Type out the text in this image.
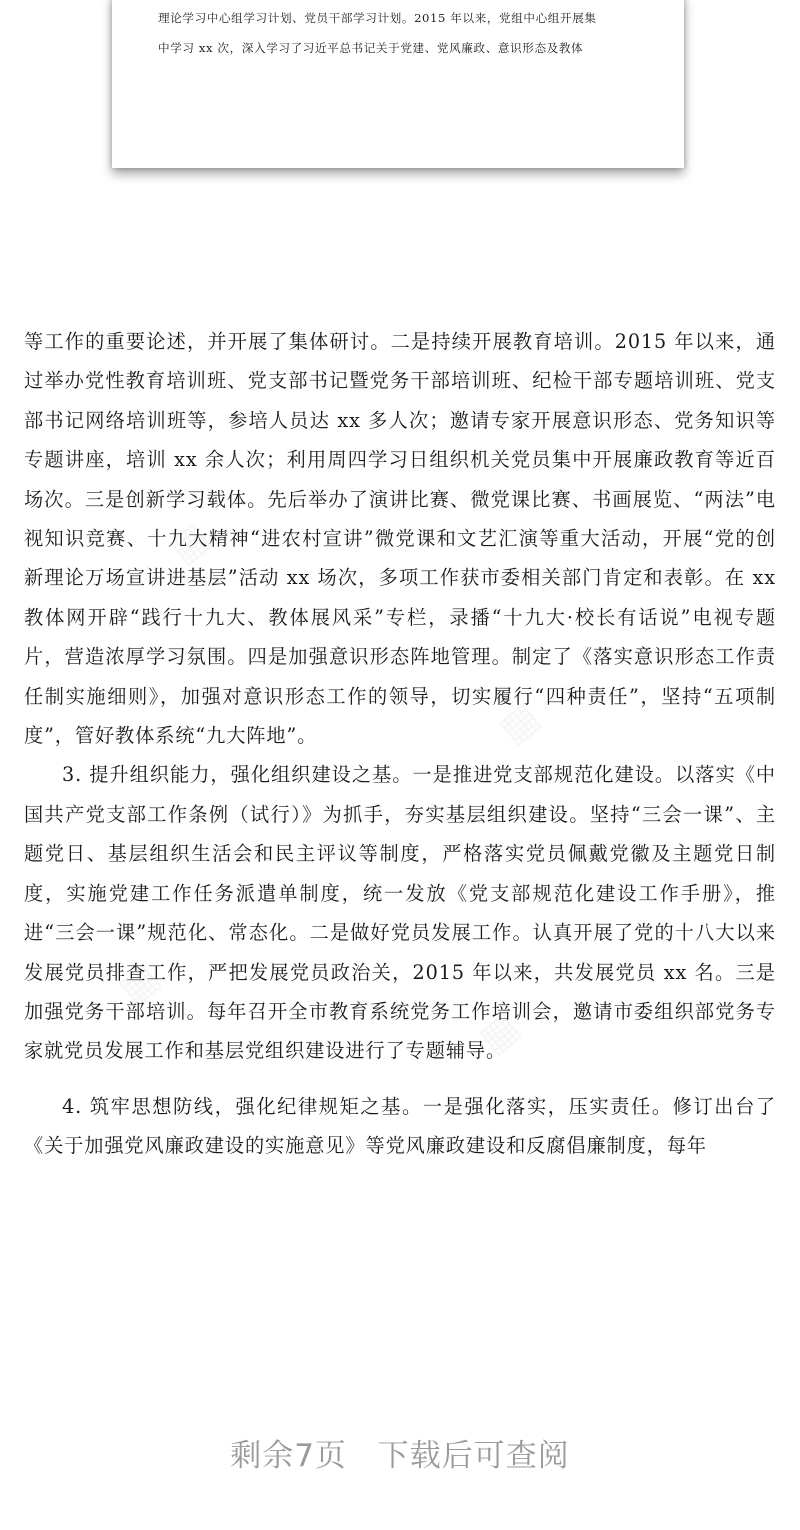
理论学习中心组学习计划、党员干部学习计划。2015 年以来，党组中心组开展集
中学习 xx 次，深入学习了习近平总书记关于党建、党风廉政、意识形态及教体

等工作的重要论述，并开展了集体研讨。二是持续开展教育培训。2015 年以来，通过举办党性教育培训班、党支部书记暨党务干部培训班、纪检干部专题培训班、党支部书记网络培训班等，参培人员达 xx 多人次；邀请专家开展意识形态、党务知识等专题讲座，培训 xx 余人次；利用周四学习日组织机关党员集中开展廉政教育等近百场次。三是创新学习载体。先后举办了演讲比赛、微党课比赛、书画展览、“两法”电视知识竞赛、十九大精神“进农村宣讲”微党课和文艺汇演等重大活动，开展“党的创新理论万场宣讲进基层”活动 xx 场次，多项工作获市委相关部门肯定和表彰。在 xx 教体网开辟“践行十九大、教体展风采”专栏，录播“十九大·校长有话说”电视专题片，营造浓厚学习氛围。四是加强意识形态阵地管理。制定了《落实意识形态工作责任制实施细则》，加强对意识形态工作的领导，切实履行“四种责任”，坚持“五项制度”，管好教体系统“九大阵地”。

3. 提升组织能力，强化组织建设之基。一是推进党支部规范化建设。以落实《中国共产党支部工作条例（试行）》为抓手，夯实基层组织建设。坚持“三会一课”、主题党日、基层组织生活会和民主评议等制度，严格落实党员佩戴党徽及主题党日制度，实施党建工作任务派遣单制度，统一发放《党支部规范化建设工作手册》，推进“三会一课”规范化、常态化。二是做好党员发展工作。认真开展了党的十八大以来发展党员排查工作，严把发展党员政治关，2015 年以来，共发展党员 xx 名。三是加强党务干部培训。每年召开全市教育系统党务工作培训会，邀请市委组织部党务专家就党员发展工作和基层党组织建设进行了专题辅导。

4. 筑牢思想防线，强化纪律规矩之基。一是强化落实，压实责任。修订出台了《关于加强党风廉政建设的实施意见》等党风廉政建设和反腐倡廉制度，每年

剩余7页 下载后可查阅
